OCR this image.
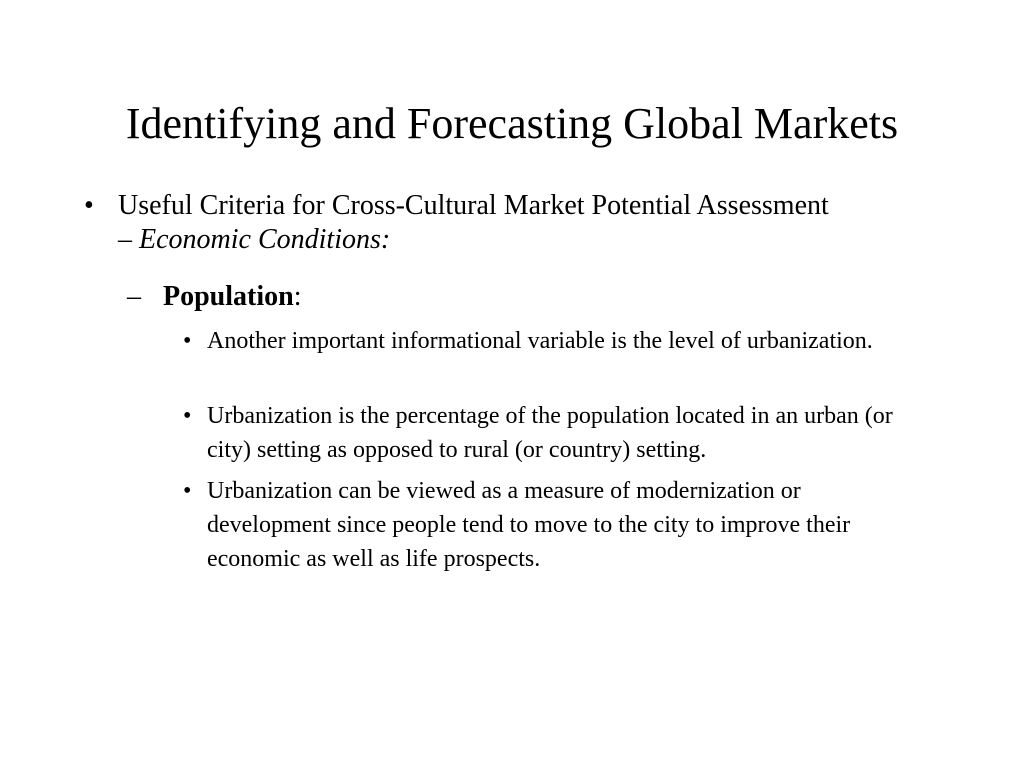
Identifying and Forecasting Global Markets
• Useful Criteria for Cross-Cultural Market Potential Assessment – Economic Conditions:
– Population:
• Another important informational variable is the level of urbanization.
• Urbanization is the percentage of the population located in an urban (or city) setting as opposed to rural (or country) setting.
• Urbanization can be viewed as a measure of modernization or development since people tend to move to the city to improve their economic as well as life prospects.
